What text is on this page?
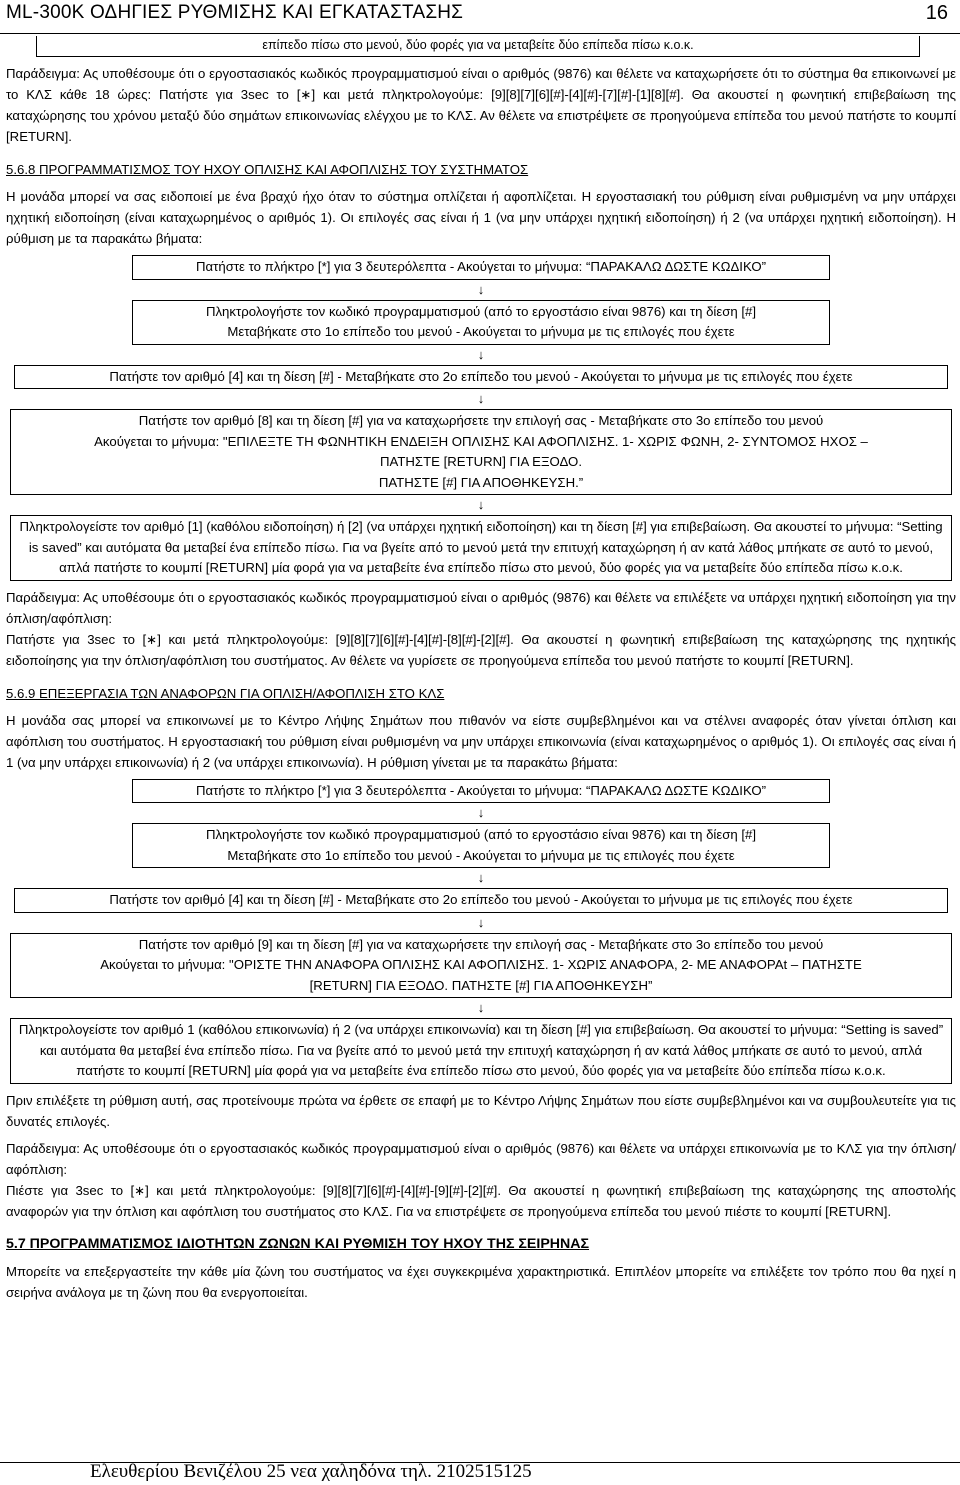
ML-300K ΟΔΗΓΙΕΣ ΡΥΘΜΙΣΗΣ ΚΑΙ ΕΓΚΑΤΑΣΤΑΣΗΣ	16
επίπεδο πίσω στο μενού, δύο φορές για να μεταβείτε δύο επίπεδα πίσω κ.ο.κ.

Παράδειγμα: Ας υποθέσουμε ότι ο εργοστασιακός κωδικός προγραμματισμού είναι ο αριθμός (9876) και θέλετε να καταχωρήσετε ότι το σύστημα θα επικοινωνεί με το ΚΛΣ κάθε 18 ώρες: Πατήστε για 3sec το [∗] και μετά πληκτρολογούμε: [9][8][7][6][#]-[4][#]-[7][#]-[1][8][#]. Θα ακουστεί η φωνητική επιβεβαίωση της καταχώρησης του χρόνου μεταξύ δύο σημάτων επικοινωνίας ελέγχου με το ΚΛΣ. Αν θέλετε να επιστρέψετε σε προηγούμενα επίπεδα του μενού πατήστε το κουμπί [RETURN].

5.6.8 ΠΡΟΓΡΑΜΜΑΤΙΣΜΟΣ ΤΟΥ ΗΧΟΥ ΟΠΛΙΣΗΣ ΚΑΙ ΑΦΟΠΛΙΣΗΣ ΤΟΥ ΣΥΣΤΗΜΑΤΟΣ

Η μονάδα μπορεί να σας ειδοποιεί με ένα βραχύ ήχο όταν το σύστημα οπλίζεται ή αφοπλίζεται. Η εργοστασιακή του ρύθμιση είναι ρυθμισμένη να μην υπάρχει ηχητική ειδοποίηση (είναι καταχωρημένος ο αριθμός 1). Οι επιλογές σας είναι ή 1 (να μην υπάρχει ηχητική ειδοποίηση) ή 2 (να υπάρχει ηχητική ειδοποίηση). Η ρύθμιση με τα παρακάτω βήματα:

Πατήστε το πλήκτρο [*] για 3 δευτερόλεπτα - Ακούγεται το μήνυμα: “ΠΑΡΑΚΑΛΩ ΔΩΣΤΕ ΚΩΔΙΚΟ”
↓
Πληκτρολογήστε τον κωδικό προγραμματισμού (από το εργοστάσιο είναι 9876) και τη δίεση [#]
Μεταβήκατε στο 1ο επίπεδο του μενού - Ακούγεται το μήνυμα με τις επιλογές που έχετε
↓
Πατήστε τον αριθμό [4] και τη δίεση [#] - Μεταβήκατε στο 2ο επίπεδο του μενού - Ακούγεται το μήνυμα με τις επιλογές που έχετε
↓
Πατήστε τον αριθμό [8] και τη δίεση [#] για να καταχωρήσετε την επιλογή σας - Μεταβήκατε στο 3ο επίπεδο του μενού
Ακούγεται το μήνυμα: "ΕΠΙΛΕΞΤΕ ΤΗ ΦΩΝΗΤΙΚΗ ΕΝΔΕΙΞΗ ΟΠΛΙΣΗΣ ΚΑΙ ΑΦΟΠΛΙΣΗΣ. 1- ΧΩΡΙΣ ΦΩΝΗ, 2- ΣΥΝΤΟΜΟΣ ΗΧΟΣ –
ΠΑΤΗΣΤΕ [RETURN] ΓΙΑ ΕΞΟΔΟ.
ΠΑΤΗΣΤΕ [#] ΓΙΑ ΑΠΟΘΗΚΕΥΣΗ.”
↓
Πληκτρολογείστε τον αριθμό [1] (καθόλου ειδοποίηση) ή [2] (να υπάρχει ηχητική ειδοποίηση) και τη δίεση [#] για επιβεβαίωση. Θα ακουστεί το μήνυμα: “Setting is saved” και αυτόματα θα μεταβεί ένα επίπεδο πίσω. Για να βγείτε από το μενού μετά την επιτυχή καταχώρηση ή αν κατά λάθος μπήκατε σε αυτό το μενού, απλά πατήστε το κουμπί [RETURN] μία φορά για να μεταβείτε ένα επίπεδο πίσω στο μενού, δύο φορές για να μεταβείτε δύο επίπεδα πίσω κ.ο.κ.

Παράδειγμα: Ας υποθέσουμε ότι ο εργοστασιακός κωδικός προγραμματισμού είναι ο αριθμός (9876) και θέλετε να επιλέξετε να υπάρχει ηχητική ειδοποίηση για την όπλιση/αφόπλιση:

Πατήστε για 3sec το [∗] και μετά πληκτρολογούμε: [9][8][7][6][#]-[4][#]-[8][#]-[2][#]. Θα ακουστεί η φωνητική επιβεβαίωση της καταχώρησης της ηχητικής ειδοποίησης για την όπλιση/αφόπλιση του συστήματος. Αν θέλετε να γυρίσετε σε προηγούμενα επίπεδα του μενού πατήστε το κουμπί [RETURN].

5.6.9 ΕΠΕΞΕΡΓΑΣΙΑ ΤΩΝ ΑΝΑΦΟΡΩΝ ΓΙΑ ΟΠΛΙΣΗ/ΑΦΟΠΛΙΣΗ ΣΤΟ ΚΛΣ

Η μονάδα σας μπορεί να επικοινωνεί με το Κέντρο Λήψης Σημάτων που πιθανόν να είστε συμβεβλημένοι και να στέλνει αναφορές όταν γίνεται όπλιση και αφόπλιση του συστήματος. Η εργοστασιακή του ρύθμιση είναι ρυθμισμένη να μην υπάρχει επικοινωνία (είναι καταχωρημένος ο αριθμός 1). Οι επιλογές σας είναι ή 1 (να μην υπάρχει επικοινωνία) ή 2 (να υπάρχει επικοινωνία). Η ρύθμιση γίνεται με τα παρακάτω βήματα:

Πατήστε το πλήκτρο [*] για 3 δευτερόλεπτα - Ακούγεται το μήνυμα: “ΠΑΡΑΚΑΛΩ ΔΩΣΤΕ ΚΩΔΙΚΟ”
↓
Πληκτρολογήστε τον κωδικό προγραμματισμού (από το εργοστάσιο είναι 9876) και τη δίεση [#]
Μεταβήκατε στο 1ο επίπεδο του μενού - Ακούγεται το μήνυμα με τις επιλογές που έχετε
↓
Πατήστε τον αριθμό [4] και τη δίεση [#] - Μεταβήκατε στο 2ο επίπεδο του μενού - Ακούγεται το μήνυμα με τις επιλογές που έχετε
↓
Πατήστε τον αριθμό [9] και τη δίεση [#] για να καταχωρήσετε την επιλογή σας - Μεταβήκατε στο 3ο επίπεδο του μενού
Ακούγεται το μήνυμα: "ΟΡΙΣΤΕ ΤΗΝ ΑΝΑΦΟΡΑ ΟΠΛΙΣΗΣ ΚΑΙ ΑΦΟΠΛΙΣΗΣ. 1- ΧΩΡΙΣ ΑΝΑΦΟΡΑ, 2- ΜΕ ΑΝΑΦΟΡΑt – ΠΑΤΗΣΤΕ
[RETURN] ΓΙΑ ΕΞΟΔΟ. ΠΑΤΗΣΤΕ [#] ΓΙΑ ΑΠΟΘΗΚΕΥΣΗ”
↓
Πληκτρολογείστε τον αριθμό 1 (καθόλου επικοινωνία) ή 2 (να υπάρχει επικοινωνία) και τη δίεση [#] για επιβεβαίωση. Θα ακουστεί το μήνυμα: “Setting is saved” και αυτόματα θα μεταβεί ένα επίπεδο πίσω. Για να βγείτε από το μενού μετά την επιτυχή καταχώρηση ή αν κατά λάθος μπήκατε σε αυτό το μενού, απλά πατήστε το κουμπί [RETURN] μία φορά για να μεταβείτε ένα επίπεδο πίσω στο μενού, δύο φορές για να μεταβείτε δύο επίπεδα πίσω κ.ο.κ.

Πριν επιλέξετε τη ρύθμιση αυτή, σας προτείνουμε πρώτα να έρθετε σε επαφή με το Κέντρο Λήψης Σημάτων που είστε συμβεβλημένοι και να συμβουλευτείτε για τις δυνατές επιλογές.

Παράδειγμα: Ας υποθέσουμε ότι ο εργοστασιακός κωδικός προγραμματισμού είναι ο αριθμός (9876) και θέλετε να υπάρχει επικοινωνία με το ΚΛΣ για την όπλιση/αφόπλιση:

Πιέστε για 3sec το [∗] και μετά πληκτρολογούμε: [9][8][7][6][#]-[4][#]-[9][#]-[2][#]. Θα ακουστεί η φωνητική επιβεβαίωση της καταχώρησης της αποστολής αναφορών για την όπλιση και αφόπλιση του συστήματος στο ΚΛΣ. Για να επιστρέψετε σε προηγούμενα επίπεδα του μενού πιέστε το κουμπί [RETURN].

5.7 ΠΡΟΓΡΑΜΜΑΤΙΣΜΟΣ ΙΔΙΟΤΗΤΩΝ ΖΩΝΩΝ ΚΑΙ ΡΥΘΜΙΣΗ ΤΟΥ ΗΧΟΥ ΤΗΣ ΣΕΙΡΗΝΑΣ

Μπορείτε να επεξεργαστείτε την κάθε μία ζώνη του συστήματος να έχει συγκεκριμένα χαρακτηριστικά. Επιπλέον μπορείτε να επιλέξετε τον τρόπο που θα ηχεί η σειρήνα ανάλογα με τη ζώνη που θα ενεργοποιείται.

Ελευθερίου Βενιζέλου 25 νεα χαληδόνα τηλ. 2102515125
